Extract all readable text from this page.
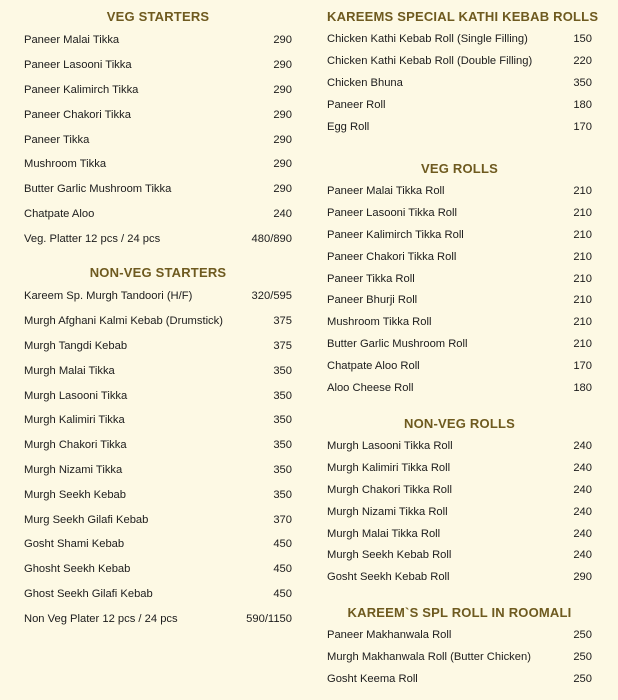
VEG STARTERS
Paneer Malai Tikka	290
Paneer Lasooni Tikka	290
Paneer Kalimirch Tikka	290
Paneer Chakori Tikka	290
Paneer Tikka	290
Mushroom Tikka	290
Butter Garlic Mushroom Tikka	290
Chatpate Aloo	240
Veg. Platter 12 pcs / 24 pcs	480/890
NON-VEG STARTERS
Kareem Sp. Murgh Tandoori (H/F)	320/595
Murgh Afghani Kalmi Kebab (Drumstick)	375
Murgh Tangdi Kebab	375
Murgh Malai Tikka	350
Murgh Lasooni Tikka	350
Murgh Kalimiri Tikka	350
Murgh Chakori Tikka	350
Murgh Nizami Tikka	350
Murgh Seekh Kebab	350
Murg Seekh Gilafi Kebab	370
Gosht Shami Kebab	450
Ghosht Seekh Kebab	450
Ghost Seekh Gilafi Kebab	450
Non Veg Plater 12 pcs / 24 pcs	590/1150
KAREEMS SPECIAL KATHI KEBAB ROLLS
Chicken Kathi Kebab Roll (Single Filling)	150
Chicken Kathi Kebab Roll (Double Filling)	220
Chicken Bhuna	350
Paneer Roll	180
Egg Roll	170
VEG ROLLS
Paneer Malai Tikka Roll	210
Paneer Lasooni Tikka Roll	210
Paneer Kalimirch Tikka Roll	210
Paneer Chakori Tikka Roll	210
Paneer Tikka Roll	210
Paneer Bhurji Roll	210
Mushroom Tikka Roll	210
Butter Garlic Mushroom Roll	210
Chatpate Aloo Roll	170
Aloo Cheese Roll	180
NON-VEG ROLLS
Murgh Lasooni Tikka Roll	240
Murgh Kalimiri Tikka Roll	240
Murgh Chakori Tikka Roll	240
Murgh Nizami Tikka Roll	240
Murgh Malai Tikka Roll	240
Murgh Seekh Kebab Roll	240
Gosht Seekh Kebab Roll	290
KAREEM`S SPL ROLL IN ROOMALI
Paneer Makhanwala Roll	250
Murgh Makhanwala Roll (Butter Chicken)	250
Gosht Keema Roll	250
